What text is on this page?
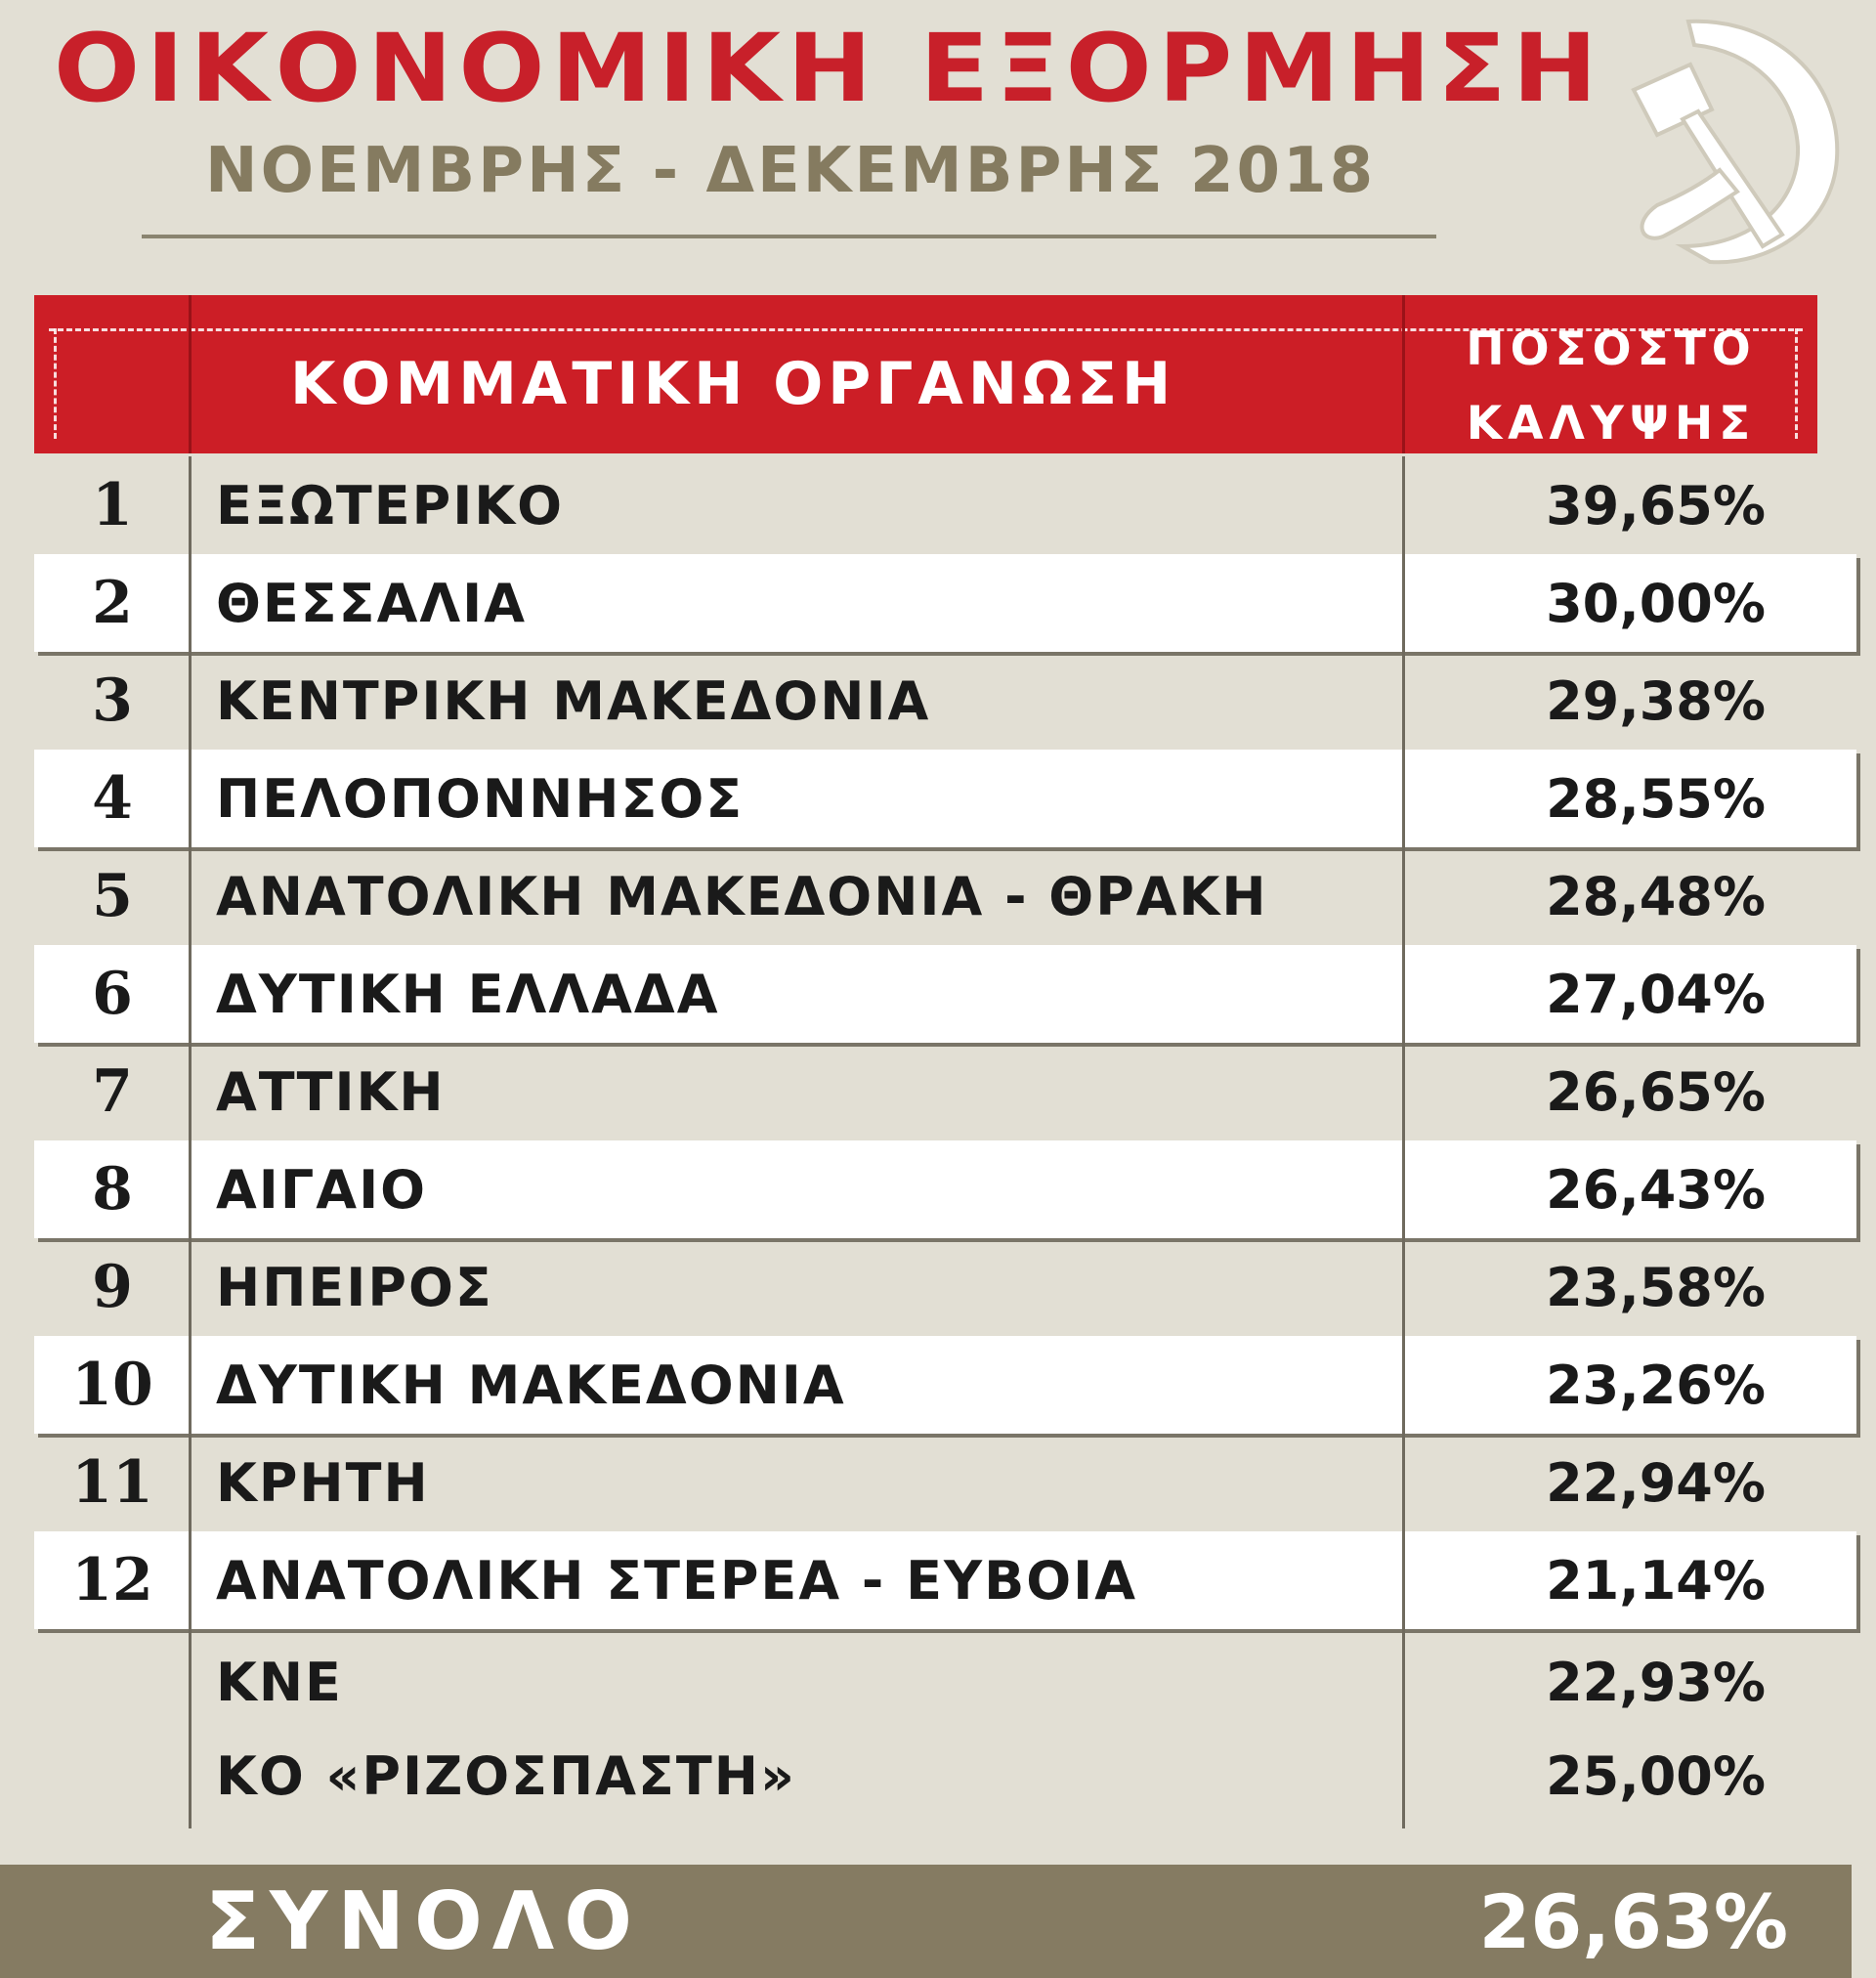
ΟΙΚΟΝΟΜΙΚΗ ΕΞΟΡΜΗΣΗ
ΝΟΕΜΒΡΗΣ - ΔΕΚΕΜΒΡΗΣ 2018
ΚΟΜΜΑΤΙΚΗ ΟΡΓΑΝΩΣΗ
ΠΟΣΟΣΤΟ
ΚΑΛΥΨΗΣ
1	ΕΞΩΤΕΡΙΚΟ	39,65%
2	ΘΕΣΣΑΛΙΑ	30,00%
3	ΚΕΝΤΡΙΚΗ ΜΑΚΕΔΟΝΙΑ	29,38%
4	ΠΕΛΟΠΟΝΝΗΣΟΣ	28,55%
5	ΑΝΑΤΟΛΙΚΗ ΜΑΚΕΔΟΝΙΑ - ΘΡΑΚΗ	28,48%
6	ΔΥΤΙΚΗ ΕΛΛΑΔΑ	27,04%
7	ΑΤΤΙΚΗ	26,65%
8	ΑΙΓΑΙΟ	26,43%
9	ΗΠΕΙΡΟΣ	23,58%
10	ΔΥΤΙΚΗ ΜΑΚΕΔΟΝΙΑ	23,26%
11	ΚΡΗΤΗ	22,94%
12	ΑΝΑΤΟΛΙΚΗ ΣΤΕΡΕΑ - ΕΥΒΟΙΑ	21,14%
ΚΝΕ	22,93%
ΚΟ «ΡΙΖΟΣΠΑΣΤΗ»	25,00%
ΣΥΝΟΛΟ	26,63%
